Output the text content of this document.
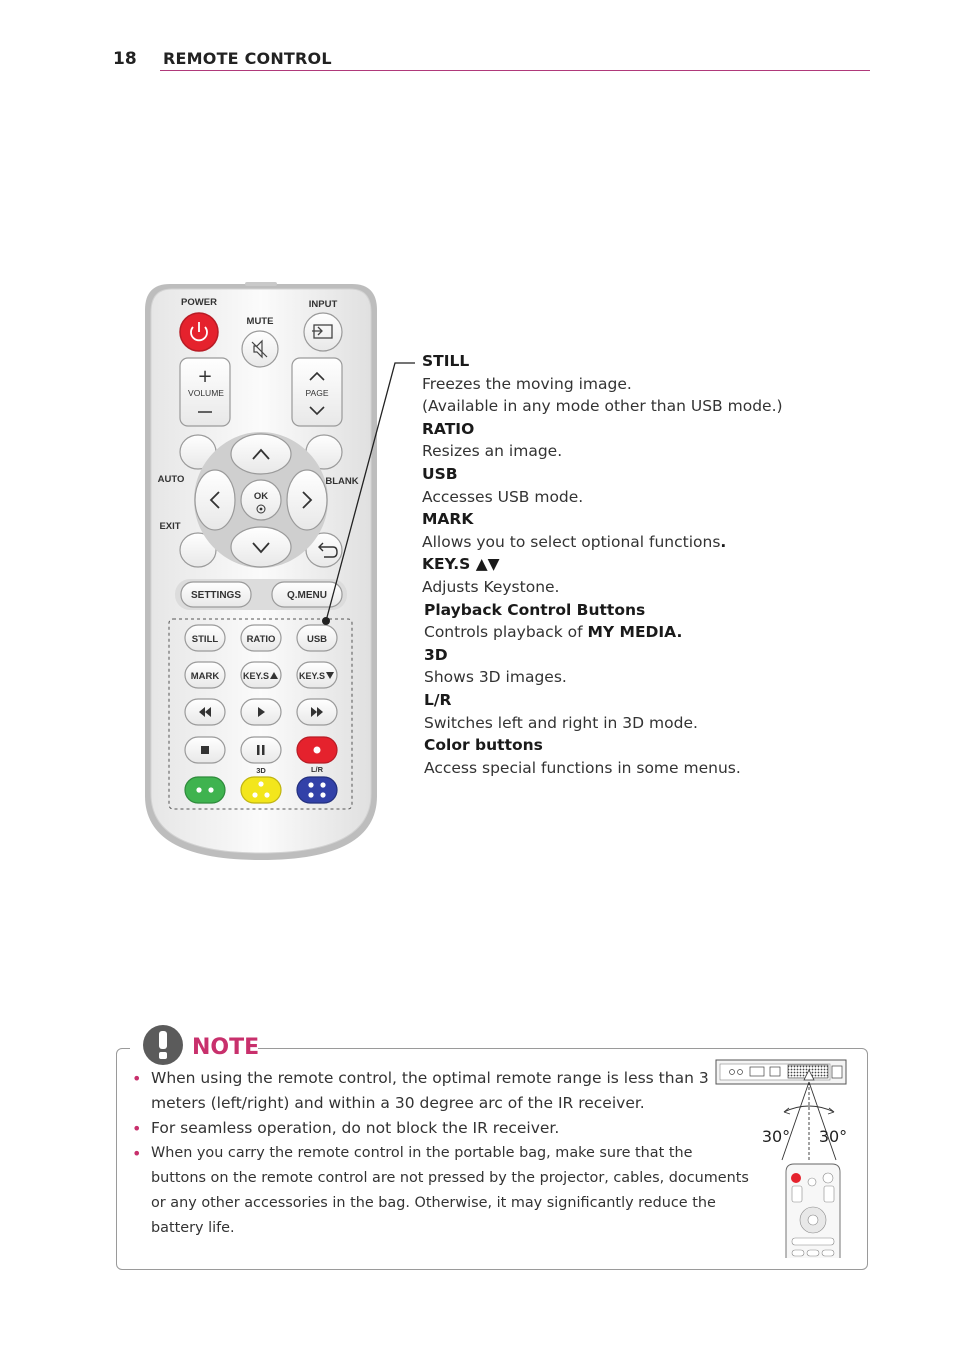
18 REMOTE CONTROL
POWER
MUTE
INPUT
+
VOLUME	PAGE
AUTO	BLANK
EXIT
OK
SETTINGS	Q.MENU
STILL	RATIO	USB
MARK	KEY.S	KEY.S
3D	L/R
STILL
Freezes the moving image.
(Available in any mode other than USB mode.)
RATIO
Resizes an image.
USB
Accesses USB mode.
MARK
Allows you to select optional functions.
KEY.S ▲▼
Adjusts Keystone.
Playback Control Buttons
Controls playback of MY MEDIA.
3D
Shows 3D images.
L/R
Switches left and right in 3D mode.
Color buttons
Access special functions in some menus.
NOTE
• When using the remote control, the optimal remote range is less than 3 meters (left/right) and within a 30 degree arc of the IR receiver.
• For seamless operation, do not block the IR receiver.
• When you carry the remote control in the portable bag, make sure that the buttons on the remote control are not pressed by the projector, cables, documents or any other accessories in the bag. Otherwise, it may significantly reduce the battery life.
30° 30°
